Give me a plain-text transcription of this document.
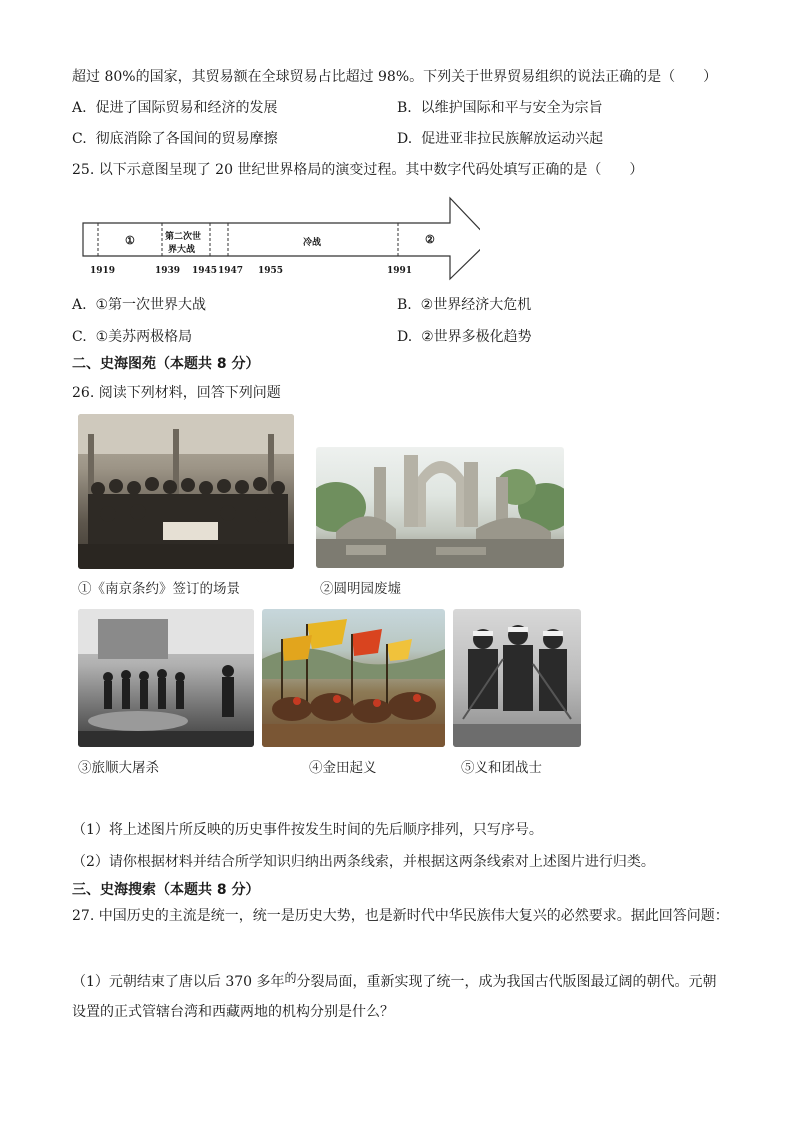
超过 80%的国家，其贸易额在全球贸易占比超过 98%。下列关于世界贸易组织的说法正确的是（　　）
A. 促进了国际贸易和经济的发展	B. 以维护国际和平与安全为宗旨
C. 彻底消除了各国间的贸易摩擦	D. 促进亚非拉民族解放运动兴起
25. 以下示意图呈现了 20 世纪世界格局的演变过程。其中数字代码处填写正确的是（　　）
①	第二次世
界大战
冷战	②
1919	1939 1945 1947 1955	1991
A. ①第一次世界大战	B. ②世界经济大危机
C. ①美苏两极格局	D. ②世界多极化趋势
二、史海图苑（本题共 8 分）
26. 阅读下列材料，回答下列问题
①《南京条约》签订的场景	②圆明园废墟
③旅顺大屠杀	④金田起义	⑤义和团战士
（1）将上述图片所反映的历史事件按发生时间的先后顺序排列，只写序号。
（2）请你根据材料并结合所学知识归纳出两条线索，并根据这两条线索对上述图片进行归类。
三、史海搜索（本题共 8 分）
27. 中国历史的主流是统一，统一是历史大势，也是新时代中华民族伟大复兴的必然要求。据此回答问题：
（1）元朝结束了唐以后 370 多年的分裂局面，重新实现了统一，成为我国古代版图最辽阔的朝代。元朝
设置的正式管辖台湾和西藏两地的机构分别是什么？
